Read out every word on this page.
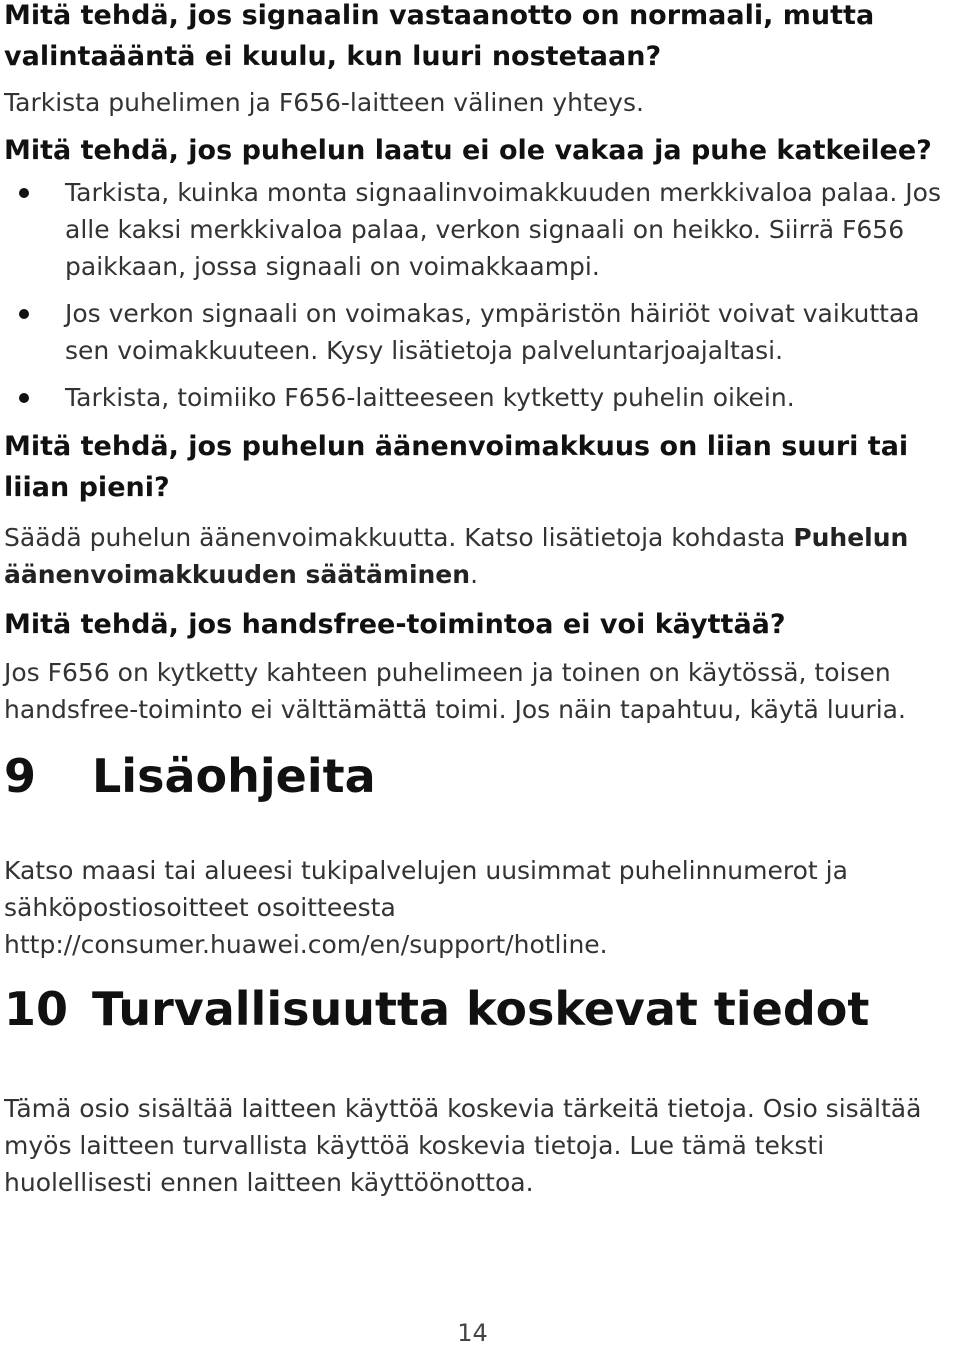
Mitä tehdä, jos signaalin vastaanotto on normaali, mutta valintaääntä ei kuulu, kun luuri nostetaan?

Tarkista puhelimen ja F656-laitteen välinen yhteys.

Mitä tehdä, jos puhelun laatu ei ole vakaa ja puhe katkeilee?

Tarkista, kuinka monta signaalinvoimakkuuden merkkivaloa palaa. Jos alle kaksi merkkivaloa palaa, verkon signaali on heikko. Siirrä F656 paikkaan, jossa signaali on voimakkaampi.
Jos verkon signaali on voimakas, ympäristön häiriöt voivat vaikuttaa sen voimakkuuteen. Kysy lisätietoja palveluntarjoajaltasi.
Tarkista, toimiiko F656-laitteeseen kytketty puhelin oikein.

Mitä tehdä, jos puhelun äänenvoimakkuus on liian suuri tai liian pieni?

Säädä puhelun äänenvoimakkuutta. Katso lisätietoja kohdasta Puhelun äänenvoimakkuuden säätäminen.

Mitä tehdä, jos handsfree-toimintoa ei voi käyttää?

Jos F656 on kytketty kahteen puhelimeen ja toinen on käytössä, toisen handsfree-toiminto ei välttämättä toimi. Jos näin tapahtuu, käytä luuria.

9	Lisäohjeita
Katso maasi tai alueesi tukipalvelujen uusimmat puhelinnumerot ja
sähköpostiosoitteet osoitteesta
http://consumer.huawei.com/en/support/hotline.
10 Turvallisuutta koskevat tiedot

Tämä osio sisältää laitteen käyttöä koskevia tärkeitä tietoja. Osio sisältää myös laitteen turvallista käyttöä koskevia tietoja. Lue tämä teksti huolellisesti ennen laitteen käyttöönottoa.

14
